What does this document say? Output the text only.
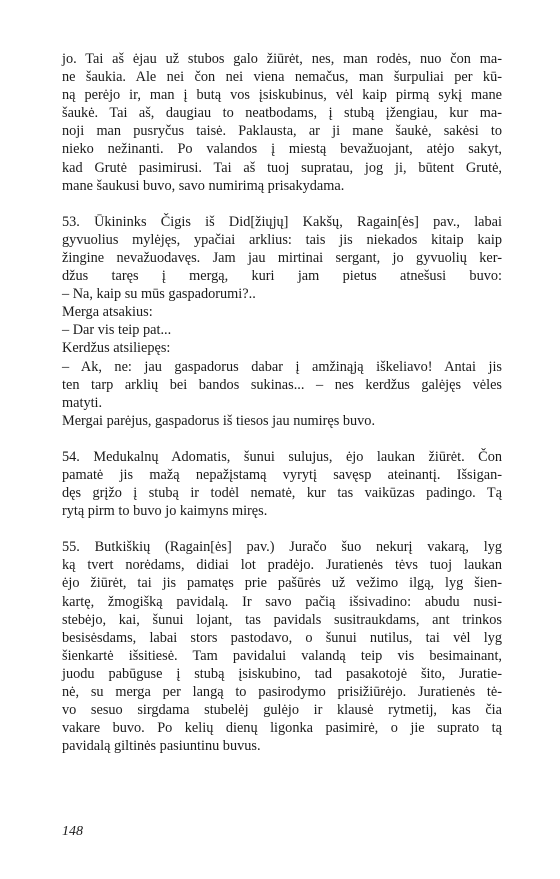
jo. Tai aš ėjau už stubos galo žiūrėt, nes, man rodės, nuo čon ma-
ne šaukia. Ale nei čon nei viena nemačus, man šurpuliai per kū-
ną perėjo ir, man į butą vos įsiskubinus, vėl kaip pirmą sykį mane
šaukė. Tai aš, daugiau to neatbodams, į stubą įžengiau, kur ma-
noji man pusryčus taisė. Paklausta, ar ji mane šaukė, sakėsi to
nieko nežinanti. Po valandos į miestą bevažuojant, atėjo sakyt,
kad Grutė pasimirusi. Tai aš tuoj supratau, jog ji, būtent Grutė,
mane šaukusi buvo, savo numirimą prisakydama.
53. Ūkininks Čigis iš Did[žiųjų] Kakšų, Ragain[ės] pav., labai
gyvuolius mylėjęs, ypačiai arklius: tais jis niekados kitaip kaip
žingine nevažuodavęs. Jam jau mirtinai sergant, jo gyvuolių ker-
džus taręs į mergą, kuri jam pietus atnešusi buvo:
– Na, kaip su mūs gaspadorumi?..
Merga atsakius:
– Dar vis teip pat...
Kerdžus atsiliepęs:
– Ak, ne: jau gaspadorus dabar į amžinąją iškeliavo! Antai jis
ten tarp arklių bei bandos sukinas... – nes kerdžus galėjęs vėles
matyti.
Mergai parėjus, gaspadorus iš tiesos jau numiręs buvo.
54. Medukalnų Adomatis, šunui sulujus, ėjo laukan žiūrėt. Čon
pamatė jis mažą nepažįstamą vyrytį savęsp ateinantį. Išsigan-
dęs grįžo į stubą ir todėl nematė, kur tas vaikūzas padingo. Tą
rytą pirm to buvo jo kaimyns miręs.
55. Butkiškių (Ragain[ės] pav.) Juračo šuo nekurį vakarą, lyg
ką tvert norėdams, didiai lot pradėjo. Juratienės tėvs tuoj laukan
ėjo žiūrėt, tai jis pamatęs prie pašūrės už vežimo ilgą, lyg šien-
kartę, žmogišką pavidalą. Ir savo pačią išsivadino: abudu nusi-
stebėjo, kai, šunui lojant, tas pavidals susitraukdams, ant trinkos
besisėsdams, labai stors pastodavo, o šunui nutilus, tai vėl lyg
šienkartė išsitiesė. Tam pavidalui valandą teip vis besimainant,
juodu pabūguse į stubą įsiskubino, tad pasakotojė šito, Juratie-
nė, su merga per langą to pasirodymo prisižiūrėjo. Juratienės tė-
vo sesuo sirgdama stubelėj gulėjo ir klausė rytmetij, kas čia
vakare buvo. Po kelių dienų ligonka pasimirė, o jie suprato tą
pavidalą giltinės pasiuntinu buvus.
148
